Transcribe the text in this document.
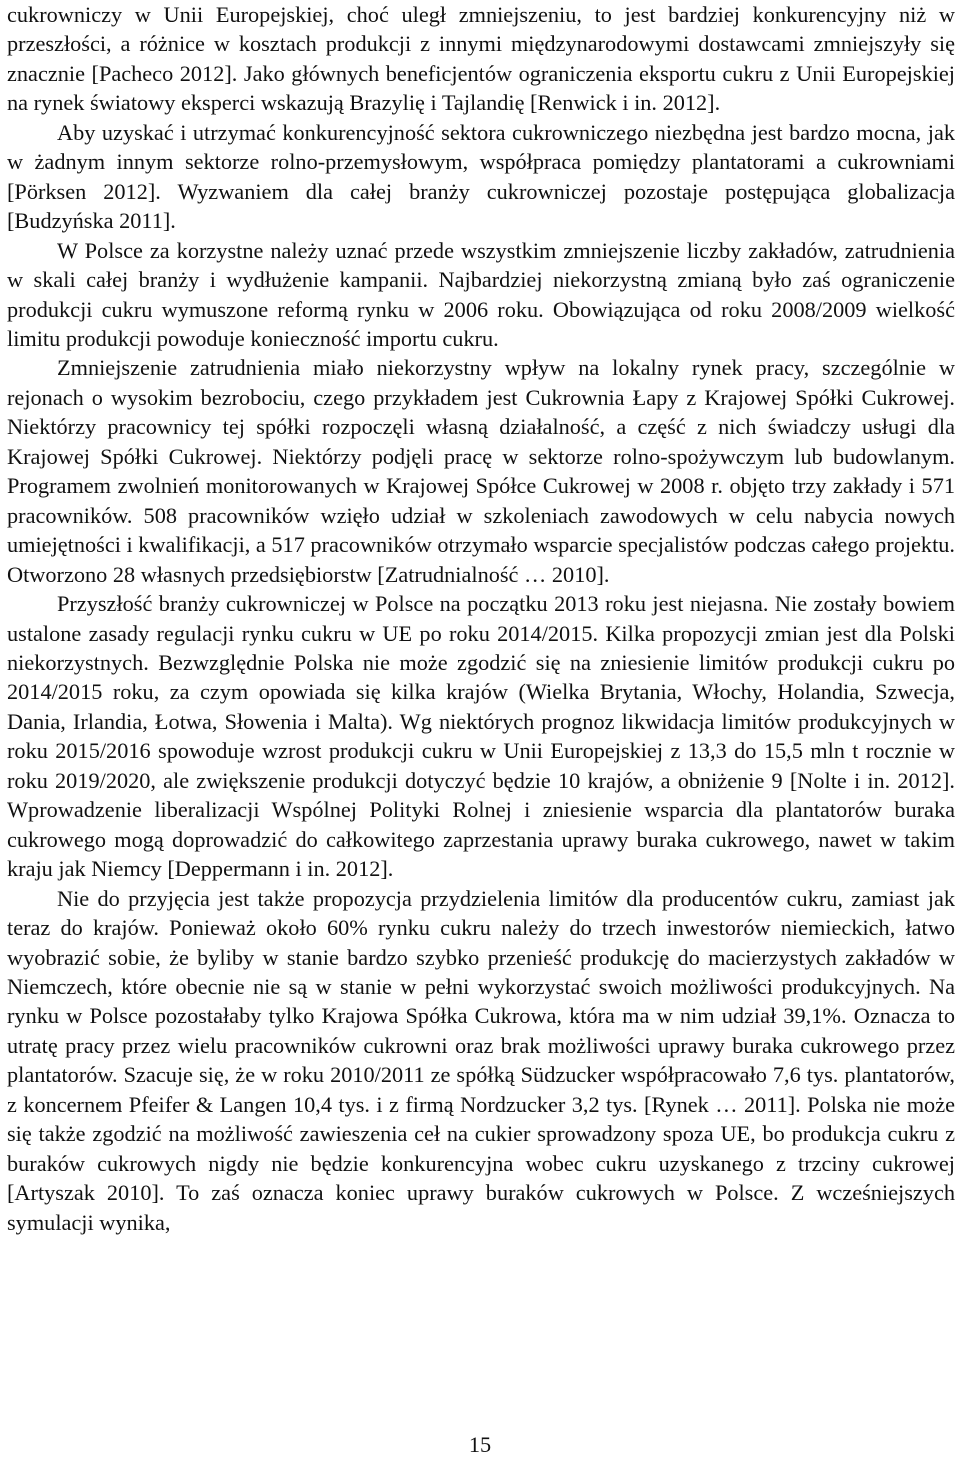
cukrowniczy w Unii Europejskiej, choć uległ zmniejszeniu, to jest bardziej konkurencyjny niż w przeszłości, a różnice w kosztach produkcji z innymi międzynarodowymi dostawcami zmniejszyły się znacznie [Pacheco 2012]. Jako głównych beneficjentów ograniczenia eksportu cukru z Unii Europejskiej na rynek światowy eksperci wskazują Brazylię i Tajlandię [Renwick i in. 2012].

Aby uzyskać i utrzymać konkurencyjność sektora cukrowniczego niezbędna jest bardzo mocna, jak w żadnym innym sektorze rolno-przemysłowym, współpraca pomiędzy plantatorami a cukrowniami [Pörksen 2012]. Wyzwaniem dla całej branży cukrowniczej pozostaje postępująca globalizacja [Budzyńska 2011].

W Polsce za korzystne należy uznać przede wszystkim zmniejszenie liczby zakładów, zatrudnienia w skali całej branży i wydłużenie kampanii. Najbardziej niekorzystną zmianą było zaś ograniczenie produkcji cukru wymuszone reformą rynku w 2006 roku. Obowiązująca od roku 2008/2009 wielkość limitu produkcji powoduje konieczność importu cukru.

Zmniejszenie zatrudnienia miało niekorzystny wpływ na lokalny rynek pracy, szczególnie w rejonach o wysokim bezrobociu, czego przykładem jest Cukrownia Łapy z Krajowej Spółki Cukrowej. Niektórzy pracownicy tej spółki rozpoczęli własną działalność, a część z nich świadczy usługi dla Krajowej Spółki Cukrowej. Niektórzy podjęli pracę w sektorze rolno-spożywczym lub budowlanym. Programem zwolnień monitorowanych w Krajowej Spółce Cukrowej w 2008 r. objęto trzy zakłady i 571 pracowników. 508 pracowników wzięło udział w szkoleniach zawodowych w celu nabycia nowych umiejętności i kwalifikacji, a 517 pracowników otrzymało wsparcie specjalistów podczas całego projektu. Otworzono 28 własnych przedsiębiorstw [Zatrudnialność … 2010].

Przyszłość branży cukrowniczej w Polsce na początku 2013 roku jest niejasna. Nie zostały bowiem ustalone zasady regulacji rynku cukru w UE po roku 2014/2015. Kilka propozycji zmian jest dla Polski niekorzystnych. Bezwzględnie Polska nie może zgodzić się na zniesienie limitów produkcji cukru po 2014/2015 roku, za czym opowiada się kilka krajów (Wielka Brytania, Włochy, Holandia, Szwecja, Dania, Irlandia, Łotwa, Słowenia i Malta). Wg niektórych prognoz likwidacja limitów produkcyjnych w roku 2015/2016 spowoduje wzrost produkcji cukru w Unii Europejskiej z 13,3 do 15,5 mln t rocznie w roku 2019/2020, ale zwiększenie produkcji dotyczyć będzie 10 krajów, a obniżenie 9 [Nolte i in. 2012]. Wprowadzenie liberalizacji Wspólnej Polityki Rolnej i zniesienie wsparcia dla plantatorów buraka cukrowego mogą doprowadzić do całkowitego zaprzestania uprawy buraka cukrowego, nawet w takim kraju jak Niemcy [Deppermann i in. 2012].

Nie do przyjęcia jest także propozycja przydzielenia limitów dla producentów cukru, zamiast jak teraz do krajów. Ponieważ około 60% rynku cukru należy do trzech inwestorów niemieckich, łatwo wyobrazić sobie, że byliby w stanie bardzo szybko przenieść produkcję do macierzystych zakładów w Niemczech, które obecnie nie są w stanie w pełni wykorzystać swoich możliwości produkcyjnych. Na rynku w Polsce pozostałaby tylko Krajowa Spółka Cukrowa, która ma w nim udział 39,1%. Oznacza to utratę pracy przez wielu pracowników cukrowni oraz brak możliwości uprawy buraka cukrowego przez plantatorów. Szacuje się, że w roku 2010/2011 ze spółką Südzucker współpracowało 7,6 tys. plantatorów, z koncernem Pfeifer & Langen 10,4 tys. i z firmą Nordzucker 3,2 tys. [Rynek … 2011]. Polska nie może się także zgodzić na możliwość zawieszenia ceł na cukier sprowadzony spoza UE, bo produkcja cukru z buraków cukrowych nigdy nie będzie konkurencyjna wobec cukru uzyskanego z trzciny cukrowej [Artyszak 2010]. To zaś oznacza koniec uprawy buraków cukrowych w Polsce. Z wcześniejszych symulacji wynika,

15
